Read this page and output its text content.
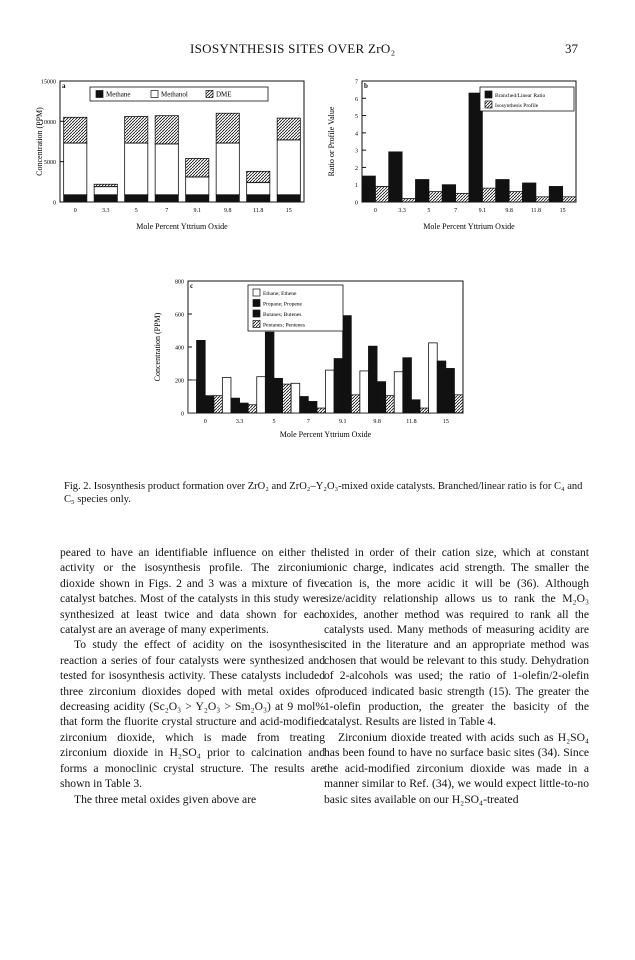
ISOSYNTHESIS SITES OVER ZrO₂	37
0
5000
10000
15000
0	3.3	5	7	9.1	9.8	11.8	15
a
Mole Percent Yttrium Oxide
Concentration (PPM)
Methane	Methanol	DME
0
1
2
3
4
5
6
7
0	3.3	5	7	9.1	9.8	11.8	15
b
Mole Percent Yttrium Oxide
Ratio or Profile Value
Branched/Linear Ratio
Isosynthesis Profile
0
200
400
600
800
0	3.3	5	7	9.1	9.8	11.8	15
c
Mole Percent Yttrium Oxide
Concentration (PPM)
Ethane; Ethene
Propane; Propene
Butanes; Butenes
Pentanes; Pentenes
Fig. 2. Isosynthesis product formation over ZrO₂ and ZrO₂–Y₂O₃-mixed oxide catalysts. Branched/linear ratio is for C₄ and C₅ species only.

peared to have an identifiable influence on either the activity or the isosynthesis profile. The zirconium dioxide shown in Figs. 2 and 3 was a mixture of five catalyst batches. Most of the catalysts in this study were synthesized at least twice and data shown for each catalyst are an average of many experiments.

To study the effect of acidity on the isosynthesis reaction a series of four catalysts were synthesized and tested for isosynthesis activity. These catalysts included three zirconium dioxides doped with metal oxides of decreasing acidity (Sc₂O₃ > Y₂O₃ > Sm₂O₃) at 9 mol% that form the fluorite crystal structure and acid-modified zirconium dioxide, which is made from treating zirconium dioxide in H₂SO₄ prior to calcination and forms a monoclinic crystal structure. The results are shown in Table 3.

The three metal oxides given above are

listed in order of their cation size, which at constant ionic charge, indicates acid strength. The smaller the cation is, the more acidic it will be (36). Although size/acidity relationship allows us to rank the M₂O₃ oxides, another method was required to rank all the catalysts used. Many methods of measuring acidity are cited in the literature and an appropriate method was chosen that would be relevant to this study. Dehydration of 2-alcohols was used; the ratio of 1-olefin/2-olefin produced indicated basic strength (15). The greater the 1-olefin production, the greater the basicity of the catalyst. Results are listed in Table 4.

Zirconium dioxide treated with acids such as H₂SO₄ has been found to have no surface basic sites (34). Since the acid-modified zirconium dioxide was made in a manner similar to Ref. (34), we would expect little-to-no basic sites available on our H₂SO₄-treated
